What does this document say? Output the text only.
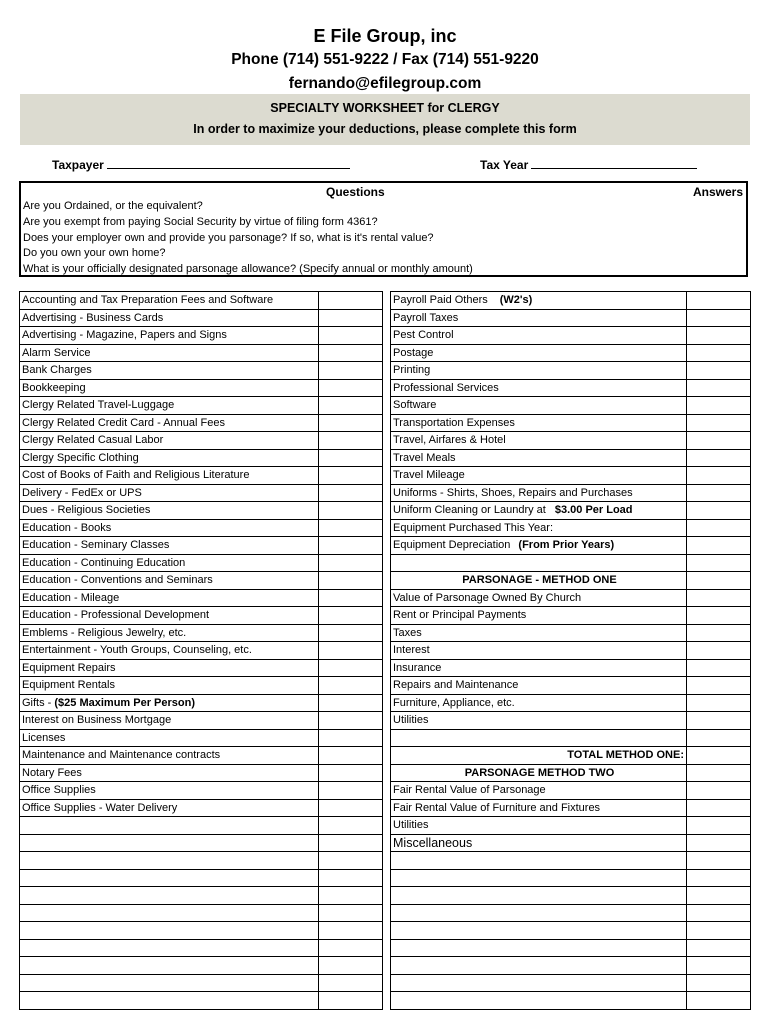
E File Group, inc
Phone (714) 551-9222 / Fax (714) 551-9220
fernando@efilegroup.com
SPECIALTY WORKSHEET for CLERGY
In order to maximize your deductions, please complete this form
Taxpayer	Tax Year
Questions	Answers
Are you Ordained, or the equivalent?
Are you exempt from paying Social Security by virtue of filing form 4361?
Does your employer own and provide you parsonage? If so, what is it's rental value?
Do you own your own home?
What is your officially designated parsonage allowance? (Specify annual or monthly amount)
Accounting and Tax Preparation Fees and Software	
Advertising - Business Cards	
Advertising - Magazine, Papers and Signs	
Alarm Service	
Bank Charges	
Bookkeeping	
Clergy Related Travel-Luggage	
Clergy Related Credit Card - Annual Fees	
Clergy Related Casual Labor	
Clergy Specific Clothing	
Cost of Books of Faith and Religious Literature	
Delivery - FedEx or UPS	
Dues - Religious Societies	
Education - Books	
Education - Seminary Classes	
Education - Continuing Education	
Education - Conventions and Seminars	
Education - Mileage	
Education - Professional Development	
Emblems - Religious Jewelry, etc.	
Entertainment - Youth Groups, Counseling, etc.	
Equipment Repairs	
Equipment Rentals	
Gifts - ($25 Maximum Per Person)	
Interest on Business Mortgage	
Licenses	
Maintenance and Maintenance contracts	
Notary Fees	
Office Supplies	
Office Supplies - Water Delivery	

Payroll Paid Others (W2's)	
Payroll Taxes	
Pest Control	
Postage	
Printing	
Professional Services	
Software	
Transportation Expenses	
Travel, Airfares & Hotel	
Travel Meals	
Travel Mileage	
Uniforms - Shirts, Shoes, Repairs and Purchases	
Uniform Cleaning or Laundry at $3.00 Per Load	
Equipment Purchased This Year:	
Equipment Depreciation (From Prior Years)	

PARSONAGE - METHOD ONE	
Value of Parsonage Owned By Church	
Rent or Principal Payments	
Taxes	
Interest	
Insurance	
Repairs and Maintenance	
Furniture, Appliance, etc.	
Utilities	

TOTAL METHOD ONE:	
PARSONAGE METHOD TWO	
Fair Rental Value of Parsonage	
Fair Rental Value of Furniture and Fixtures	
Utilities	
Miscellaneous	
